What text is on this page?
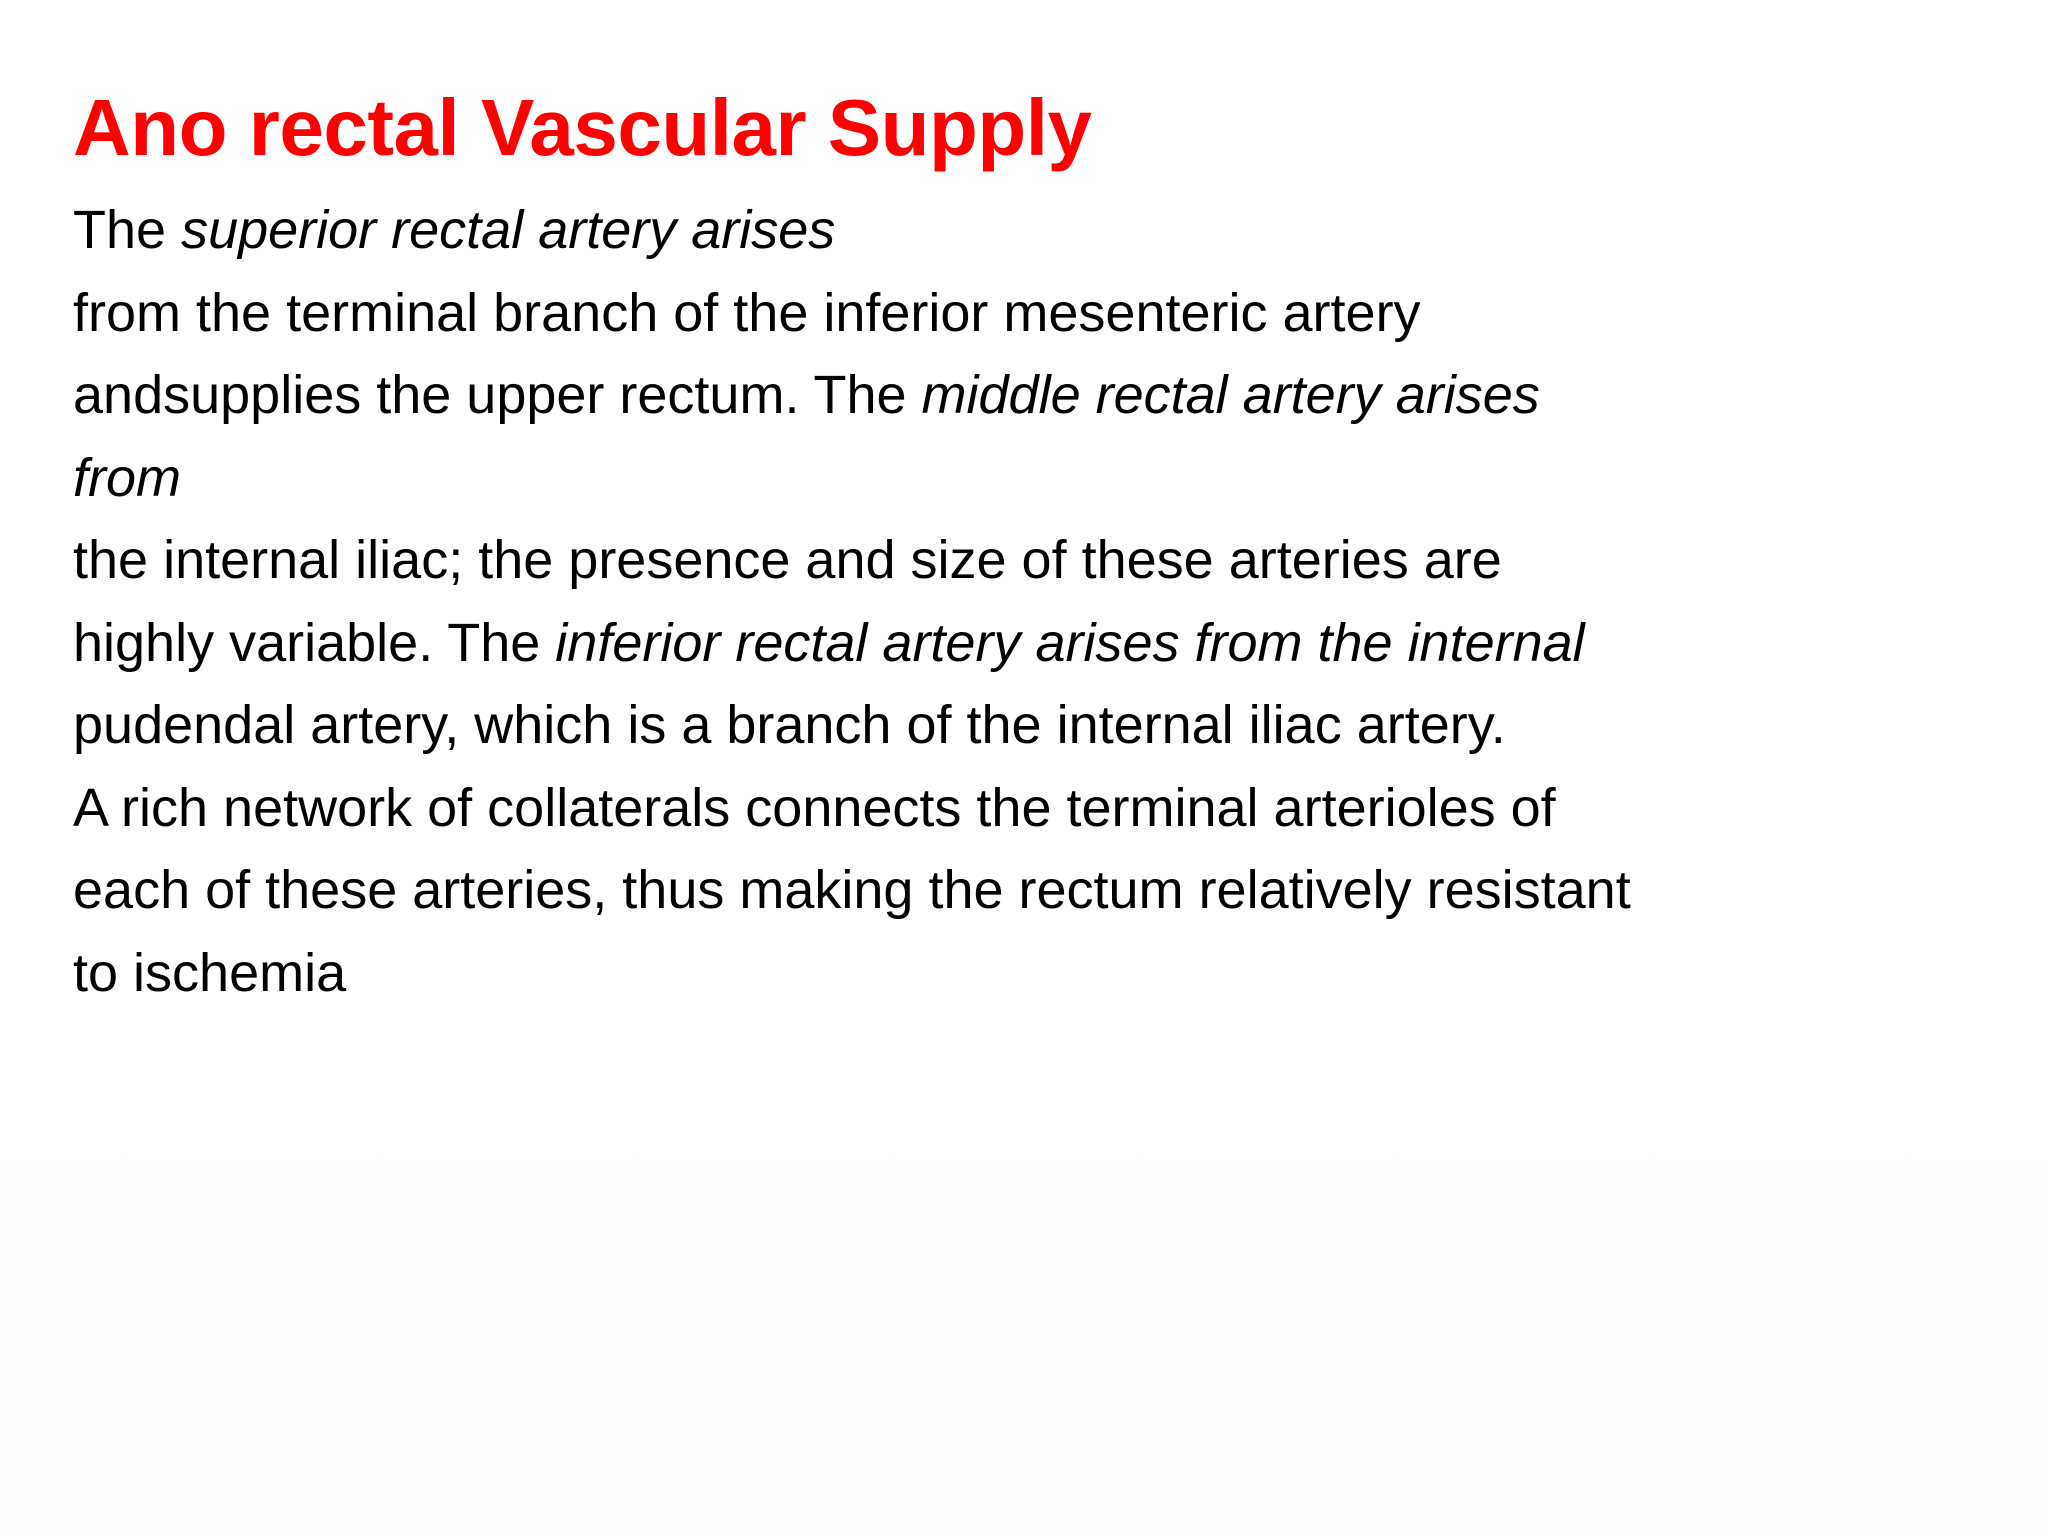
Ano rectal Vascular Supply
The superior rectal artery arises
from the terminal branch of the inferior mesenteric artery
andsupplies the upper rectum. The middle rectal artery arises
from
the internal iliac; the presence and size of these arteries are
highly variable. The inferior rectal artery arises from the internal
pudendal artery, which is a branch of the internal iliac artery.
A rich network of collaterals connects the terminal arterioles of
each of these arteries, thus making the rectum relatively resistant
to ischemia
